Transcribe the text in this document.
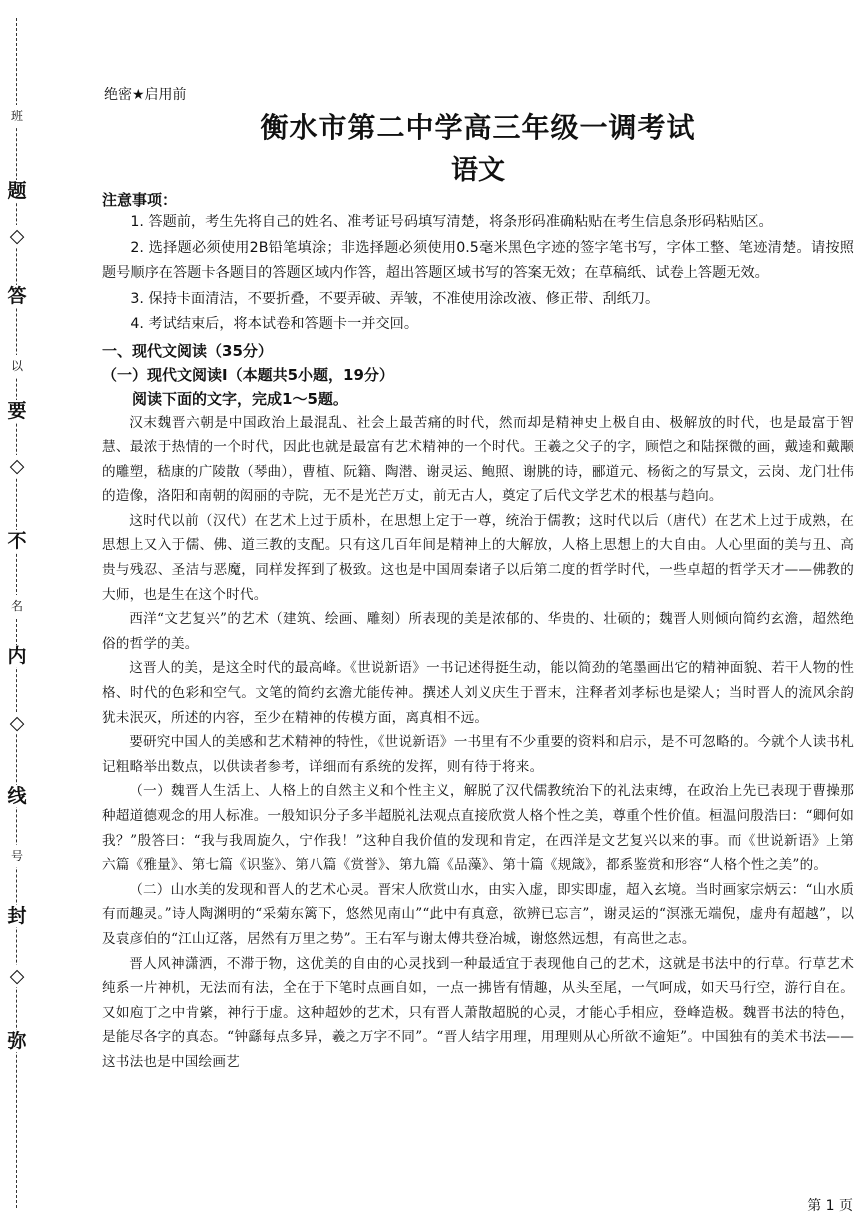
班
题
◇
答
以
要
◇
不
名
内
◇
线
号
封
◇
弥
绝密★启用前
衡水市第二中学高三年级一调考试
语文
注意事项：

1. 答题前，考生先将自己的姓名、准考证号码填写清楚，将条形码准确粘贴在考生信息条形码粘贴区。

2. 选择题必须使用2B铅笔填涂；非选择题必须使用0.5毫米黑色字迹的签字笔书写，字体工整、笔迹清楚。请按照题号顺序在答题卡各题目的答题区域内作答，超出答题区域书写的答案无效；在草稿纸、试卷上答题无效。

3. 保持卡面清洁，不要折叠，不要弄破、弄皱，不准使用涂改液、修正带、刮纸刀。

4. 考试结束后，将本试卷和答题卡一并交回。

一、现代文阅读（35分）
（一）现代文阅读Ⅰ（本题共5小题，19分）
阅读下面的文字，完成1～5题。

汉末魏晋六朝是中国政治上最混乱、社会上最苦痛的时代，然而却是精神史上极自由、极解放的时代，也是最富于智慧、最浓于热情的一个时代，因此也就是最富有艺术精神的一个时代。王羲之父子的字，顾恺之和陆探微的画，戴逵和戴颙的雕塑，嵇康的广陵散（琴曲），曹植、阮籍、陶潜、谢灵运、鲍照、谢朓的诗，郦道元、杨衒之的写景文，云岗、龙门壮伟的造像，洛阳和南朝的闳丽的寺院，无不是光芒万丈，前无古人，奠定了后代文学艺术的根基与趋向。

这时代以前（汉代）在艺术上过于质朴，在思想上定于一尊，统治于儒教；这时代以后（唐代）在艺术上过于成熟，在思想上又入于儒、佛、道三教的支配。只有这几百年间是精神上的大解放，人格上思想上的大自由。人心里面的美与丑、高贵与残忍、圣洁与恶魔，同样发挥到了极致。这也是中国周秦诸子以后第二度的哲学时代，一些卓超的哲学天才——佛教的大师，也是生在这个时代。

西洋“文艺复兴”的艺术（建筑、绘画、雕刻）所表现的美是浓郁的、华贵的、壮硕的；魏晋人则倾向简约玄澹，超然绝俗的哲学的美。

这晋人的美，是这全时代的最高峰。《世说新语》一书记述得挺生动，能以简劲的笔墨画出它的精神面貌、若干人物的性格、时代的色彩和空气。文笔的简约玄澹尤能传神。撰述人刘义庆生于晋末，注释者刘孝标也是梁人；当时晋人的流风余韵犹未泯灭，所述的内容，至少在精神的传模方面，离真相不远。

要研究中国人的美感和艺术精神的特性，《世说新语》一书里有不少重要的资料和启示，是不可忽略的。今就个人读书札记粗略举出数点，以供读者参考，详细而有系统的发挥，则有待于将来。

（一）魏晋人生活上、人格上的自然主义和个性主义，解脱了汉代儒教统治下的礼法束缚，在政治上先已表现于曹操那种超道德观念的用人标准。一般知识分子多半超脱礼法观点直接欣赏人格个性之美，尊重个性价值。桓温问殷浩曰：“卿何如我？”殷答曰：“我与我周旋久，宁作我！”这种自我价值的发现和肯定，在西洋是文艺复兴以来的事。而《世说新语》上第六篇《雅量》、第七篇《识鉴》、第八篇《赏誉》、第九篇《品藻》、第十篇《规箴》，都系鉴赏和形容“人格个性之美”的。

（二）山水美的发现和晋人的艺术心灵。晋宋人欣赏山水，由实入虚，即实即虚，超入玄境。当时画家宗炳云：“山水质有而趣灵。”诗人陶渊明的“采菊东篱下，悠然见南山”“此中有真意，欲辨已忘言”，谢灵运的“溟涨无端倪，虚舟有超越”，以及袁彦伯的“江山辽落，居然有万里之势”。王右军与谢太傅共登冶城，谢悠然远想，有高世之志。

晋人风神潇洒，不滞于物，这优美的自由的心灵找到一种最适宜于表现他自己的艺术，这就是书法中的行草。行草艺术纯系一片神机，无法而有法，全在于下笔时点画自如，一点一拂皆有情趣，从头至尾，一气呵成，如天马行空，游行自在。又如庖丁之中肯綮，神行于虚。这种超妙的艺术，只有晋人萧散超脱的心灵，才能心手相应，登峰造极。魏晋书法的特色，是能尽各字的真态。“钟繇每点多异，羲之万字不同”。“晋人结字用理，用理则从心所欲不逾矩”。中国独有的美术书法——这书法也是中国绘画艺

第 1 页
